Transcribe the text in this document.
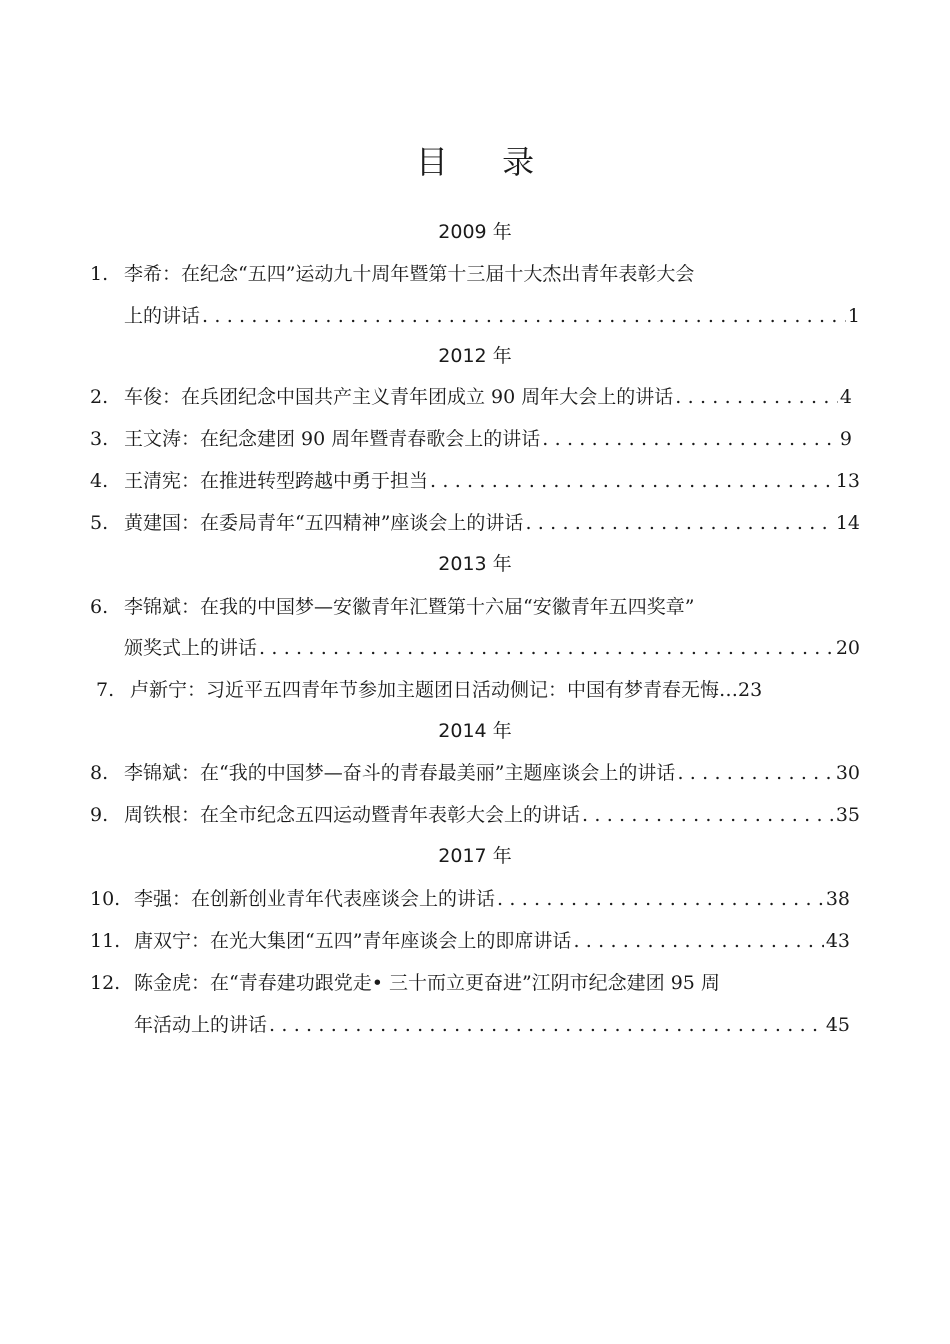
目 录
2009 年
1. 李希：在纪念“五四”运动九十周年暨第十三届十大杰出青年表彰大会
上的讲话 .....	1
2012 年
2. 车俊：在兵团纪念中国共产主义青年团成立 90 周年大会上的讲话 .....	4
3. 王文涛：在纪念建团 90 周年暨青春歌会上的讲话 .....	9
4. 王清宪：在推进转型跨越中勇于担当 .....	13
5. 黄建国：在委局青年“五四精神”座谈会上的讲话 .....	14
2013 年
6. 李锦斌：在我的中国梦—安徽青年汇暨第十六届“安徽青年五四奖章”
颁奖式上的讲话 .....	20
7. 卢新宁：习近平五四青年节参加主题团日活动侧记：中国有梦青春无悔… 23
2014 年
8. 李锦斌：在“我的中国梦—奋斗的青春最美丽”主题座谈会上的讲话 .....	30
9. 周铁根：在全市纪念五四运动暨青年表彰大会上的讲话 .....	35
2017 年
10. 李强：在创新创业青年代表座谈会上的讲话 .....	38
11. 唐双宁：在光大集团“五四”青年座谈会上的即席讲话 .....	43
12. 陈金虎：在“青春建功跟党走• 三十而立更奋进”江阴市纪念建团 95 周
年活动上的讲话 .....	45
